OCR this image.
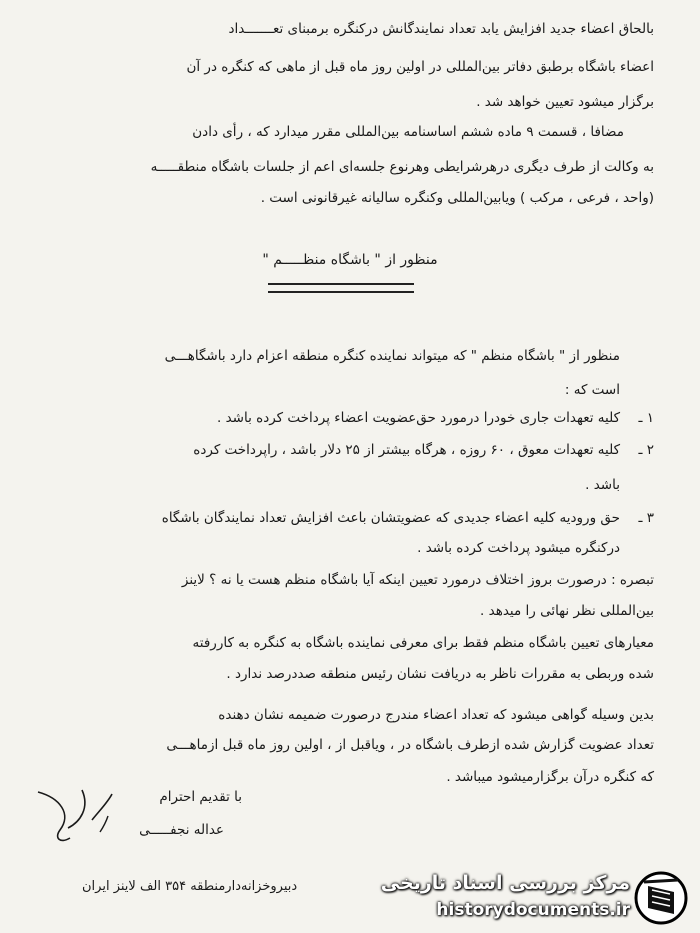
بالحاق اعضاء جدید افزایش یابد تعداد نمایندگانش درکنگره برمبنای تعـــــــداد
اعضاء باشگاه برطبق دفاتر بین‌المللی در اولین روز ماه قبل از ماهی که کنگره در آن
برگزار میشود تعیین خواهد شد .
مضافا ، قسمت ۹ ماده ششم اساسنامه بین‌المللی مقرر میدارد که ، رأی دادن
به وکالت از طرف دیگری درهرشرایطی وهرنوع جلسه‌ای اعم از جلسات باشگاه منطقـــــه
(واحد ، فرعی ، مرکب ) ویابین‌المللی وکنگره سالیانه غیرقانونی است .
منظور از " باشگاه منظـــــم "
منظور از " باشگاه منظم " که میتواند نماینده کنگره منطقه اعزام دارد باشگاهـــی
است که :
۱ ـ
کلیه تعهدات جاری خودرا درمورد حق‌عضویت اعضاء پرداخت کرده باشد .
۲ ـ
کلیه تعهدات معوق ، ۶۰ روزه ، هرگاه بیشتر از ۲۵ دلار باشد ، راپرداخت کرده
باشد .
۳ ـ
حق ورودیه کلیه اعضاء جدیدی که عضویتشان باعث افزایش تعداد نمایندگان باشگاه
درکنگره میشود پرداخت کرده باشد .
تبصره : درصورت بروز اختلاف درمورد تعیین اینکه آیا باشگاه منظم هست یا نه ؟ لاینز
بین‌المللی نظر نهائی را میدهد .
معیارهای تعیین باشگاه منظم فقط برای معرفی نماینده باشگاه به کنگره به کاررفته
شده وربطی به مقررات ناظر به دریافت نشان رئیس منطقه صددرصد ندارد .
بدین وسیله گواهی میشود که تعداد اعضاء مندرج درصورت ضمیمه نشان دهنده
تعداد عضویت گزارش شده ازطرف باشگاه در ، ویاقبل از ، اولین روز ماه قبل ازماهـــی
که کنگره درآن برگزارمیشود میباشد .
با تقدیم احترام
عداله نجفـــــی
دبیروخزانه‌دارمنطقه ۳۵۴ الف لاینز ایران	مرکز بررسی اسناد تاریخی
historydocuments.ir
